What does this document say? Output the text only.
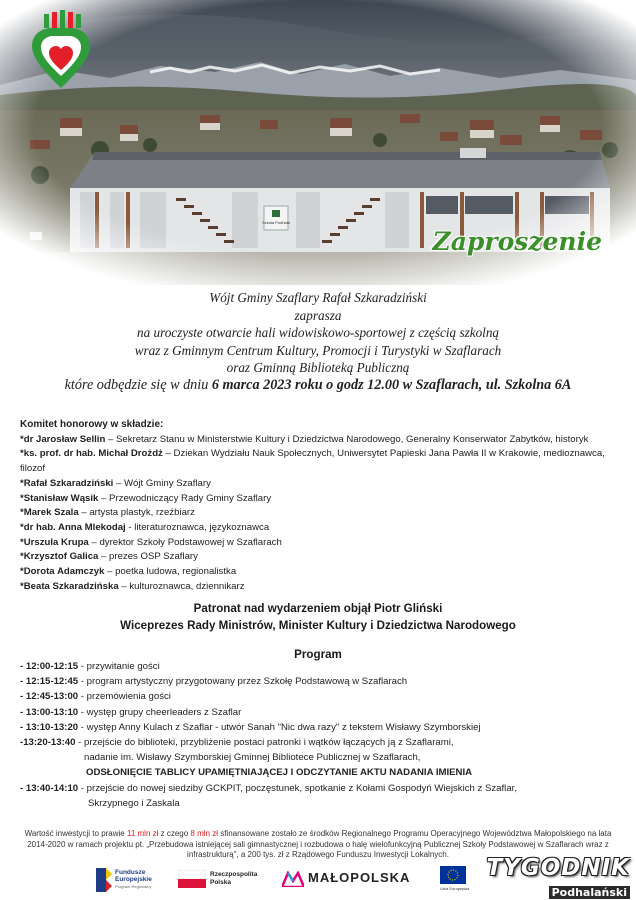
Zaproszenie
Wójt Gminy Szaflary Rafał Szkaradziński
zaprasza
na uroczyste otwarcie hali widowiskowo-sportowej z częścią szkolną
wraz z Gminnym Centrum Kultury, Promocji i Turystyki w Szaflarach
oraz Gminną Biblioteką Publiczną
które odbędzie się w dniu 6 marca 2023 roku o godz 12.00 w Szaflarach, ul. Szkolna 6A
Komitet honorowy w składzie:
*dr Jarosław Sellin – Sekretarz Stanu w Ministerstwie Kultury i Dziedzictwa Narodowego, Generalny Konserwator Zabytków, historyk
*ks. prof. dr hab. Michał Drożdż – Dziekan Wydziału Nauk Społecznych, Uniwersytet Papieski Jana Pawła II w Krakowie, medioznawca, filozof
*Rafał Szkaradziński – Wójt Gminy Szaflary
*Stanisław Wąsik – Przewodniczący Rady Gminy Szaflary
*Marek Szala – artysta plastyk, rzeźbiarz
*dr hab. Anna Mlekodaj - literaturoznawca, językoznawca
*Urszula Krupa – dyrektor Szkoły Podstawowej w Szaflarach
*Krzysztof Galica – prezes OSP Szaflary
*Dorota Adamczyk – poetka ludowa, regionalistka
*Beata Szkaradzińska – kulturoznawca, dziennikarz
Patronat nad wydarzeniem objął Piotr Gliński
Wiceprezes Rady Ministrów, Minister Kultury i Dziedzictwa Narodowego
Program
- 12:00-12:15 - przywitanie gości
- 12:15-12:45 - program artystyczny przygotowany przez Szkołę Podstawową w Szaflarach
- 12:45-13:00 - przemówienia gości
- 13:00-13:10 - występ grupy cheerleaders z Szaflar
- 13:10-13:20 - występ Anny Kulach z Szaflar - utwór Sanah "Nic dwa razy" z tekstem Wisławy Szymborskiej
-13:20-13:40 - przejście do biblioteki, przybliżenie postaci patronki i wątków łączących ją z Szaflarami,
nadanie im. Wisławy Szymborskiej Gminnej Bibliotece Publicznej w Szaflarach,
ODSŁONIĘCIE TABLICY UPAMIĘTNIAJĄCEJ I ODCZYTANIE AKTU NADANIA IMIENIA
- 13:40-14:10 - przejście do nowej siedziby GCKPIT, poczęstunek, spotkanie z Kołami Gospodyń Wiejskich z Szaflar,
Skrzypnego i Zaskala
Wartość inwestycji to prawie 11 mln zł z czego 8 mln zł sfinansowane zostało ze środków Regionalnego Programu Operacyjnego Województwa Małopolskiego na lata 2014-2020 w ramach projektu pt. „Przebudowa istniejącej sali gimnastycznej i rozbudowa o halę wielofunkcyjną Publicznej Szkoły Podstawowej w Szaflarach wraz z infrastrukturą”, a 200 tys. zł z Rządowego Funduszu Inwestycji Lokalnych.
Fundusze
Europejskie
Program Regionalny
Rzeczpospolita
Polska	MAŁOPOLSKA
Unia Europejska
TYGODNIK
Podhalański
